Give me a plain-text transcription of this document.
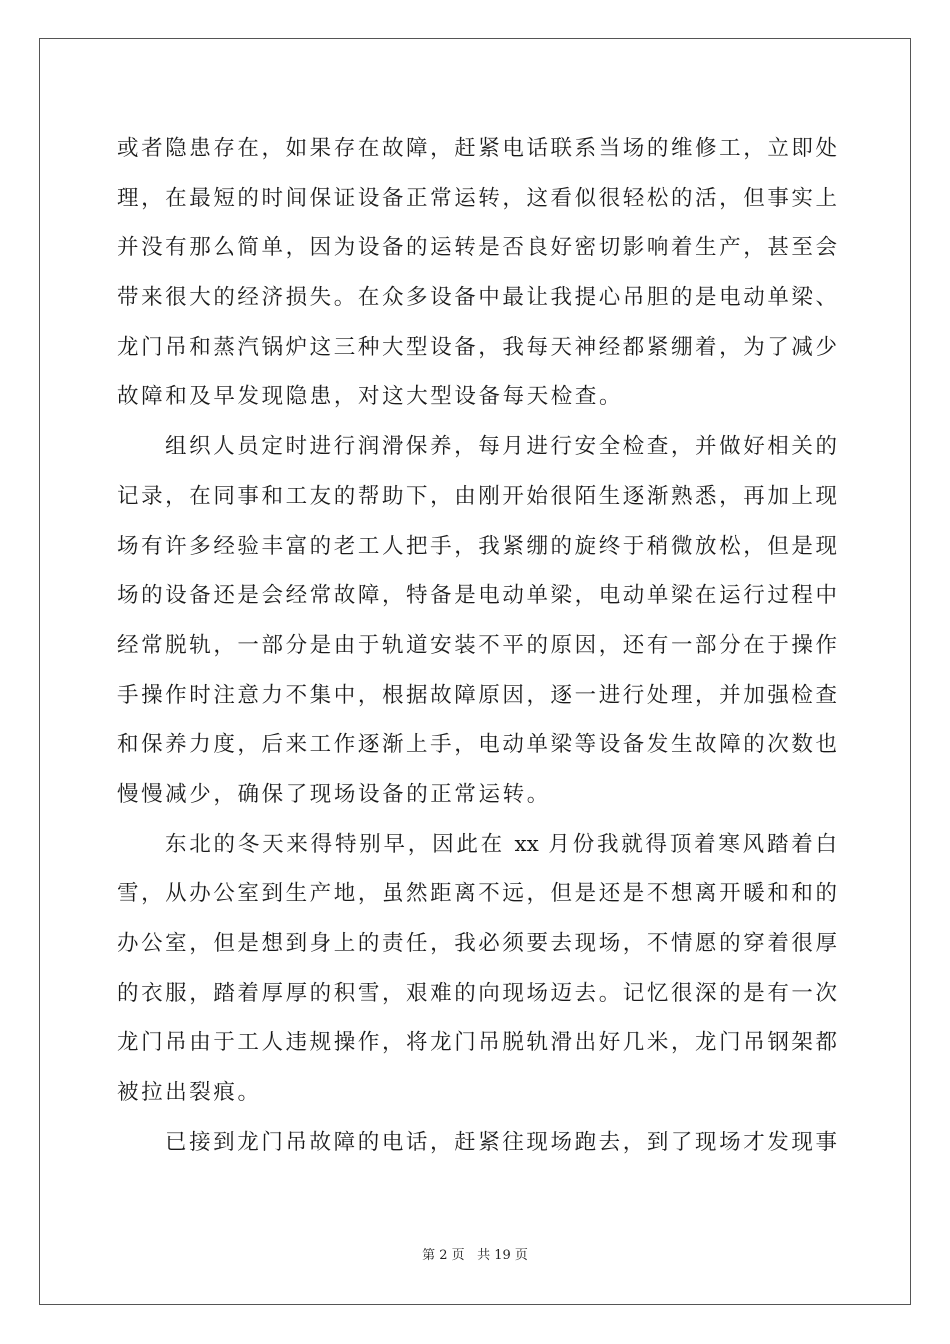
或者隐患存在，如果存在故障，赶紧电话联系当场的维修工，立即处
理，在最短的时间保证设备正常运转，这看似很轻松的活，但事实上
并没有那么简单，因为设备的运转是否良好密切影响着生产，甚至会
带来很大的经济损失。在众多设备中最让我提心吊胆的是电动单梁、
龙门吊和蒸汽锅炉这三种大型设备，我每天神经都紧绷着，为了减少
故障和及早发现隐患，对这大型设备每天检查。
组织人员定时进行润滑保养，每月进行安全检查，并做好相关的
记录，在同事和工友的帮助下，由刚开始很陌生逐渐熟悉，再加上现
场有许多经验丰富的老工人把手，我紧绷的旋终于稍微放松，但是现
场的设备还是会经常故障，特备是电动单梁，电动单梁在运行过程中
经常脱轨，一部分是由于轨道安装不平的原因，还有一部分在于操作
手操作时注意力不集中，根据故障原因，逐一进行处理，并加强检查
和保养力度，后来工作逐渐上手，电动单梁等设备发生故障的次数也
慢慢减少，确保了现场设备的正常运转。
东北的冬天来得特别早，因此在 xx 月份我就得顶着寒风踏着白
雪，从办公室到生产地，虽然距离不远，但是还是不想离开暖和和的
办公室，但是想到身上的责任，我必须要去现场，不情愿的穿着很厚
的衣服，踏着厚厚的积雪，艰难的向现场迈去。记忆很深的是有一次
龙门吊由于工人违规操作，将龙门吊脱轨滑出好几米，龙门吊钢架都
被拉出裂痕。
已接到龙门吊故障的电话，赶紧往现场跑去，到了现场才发现事
第 2 页 共 19 页
